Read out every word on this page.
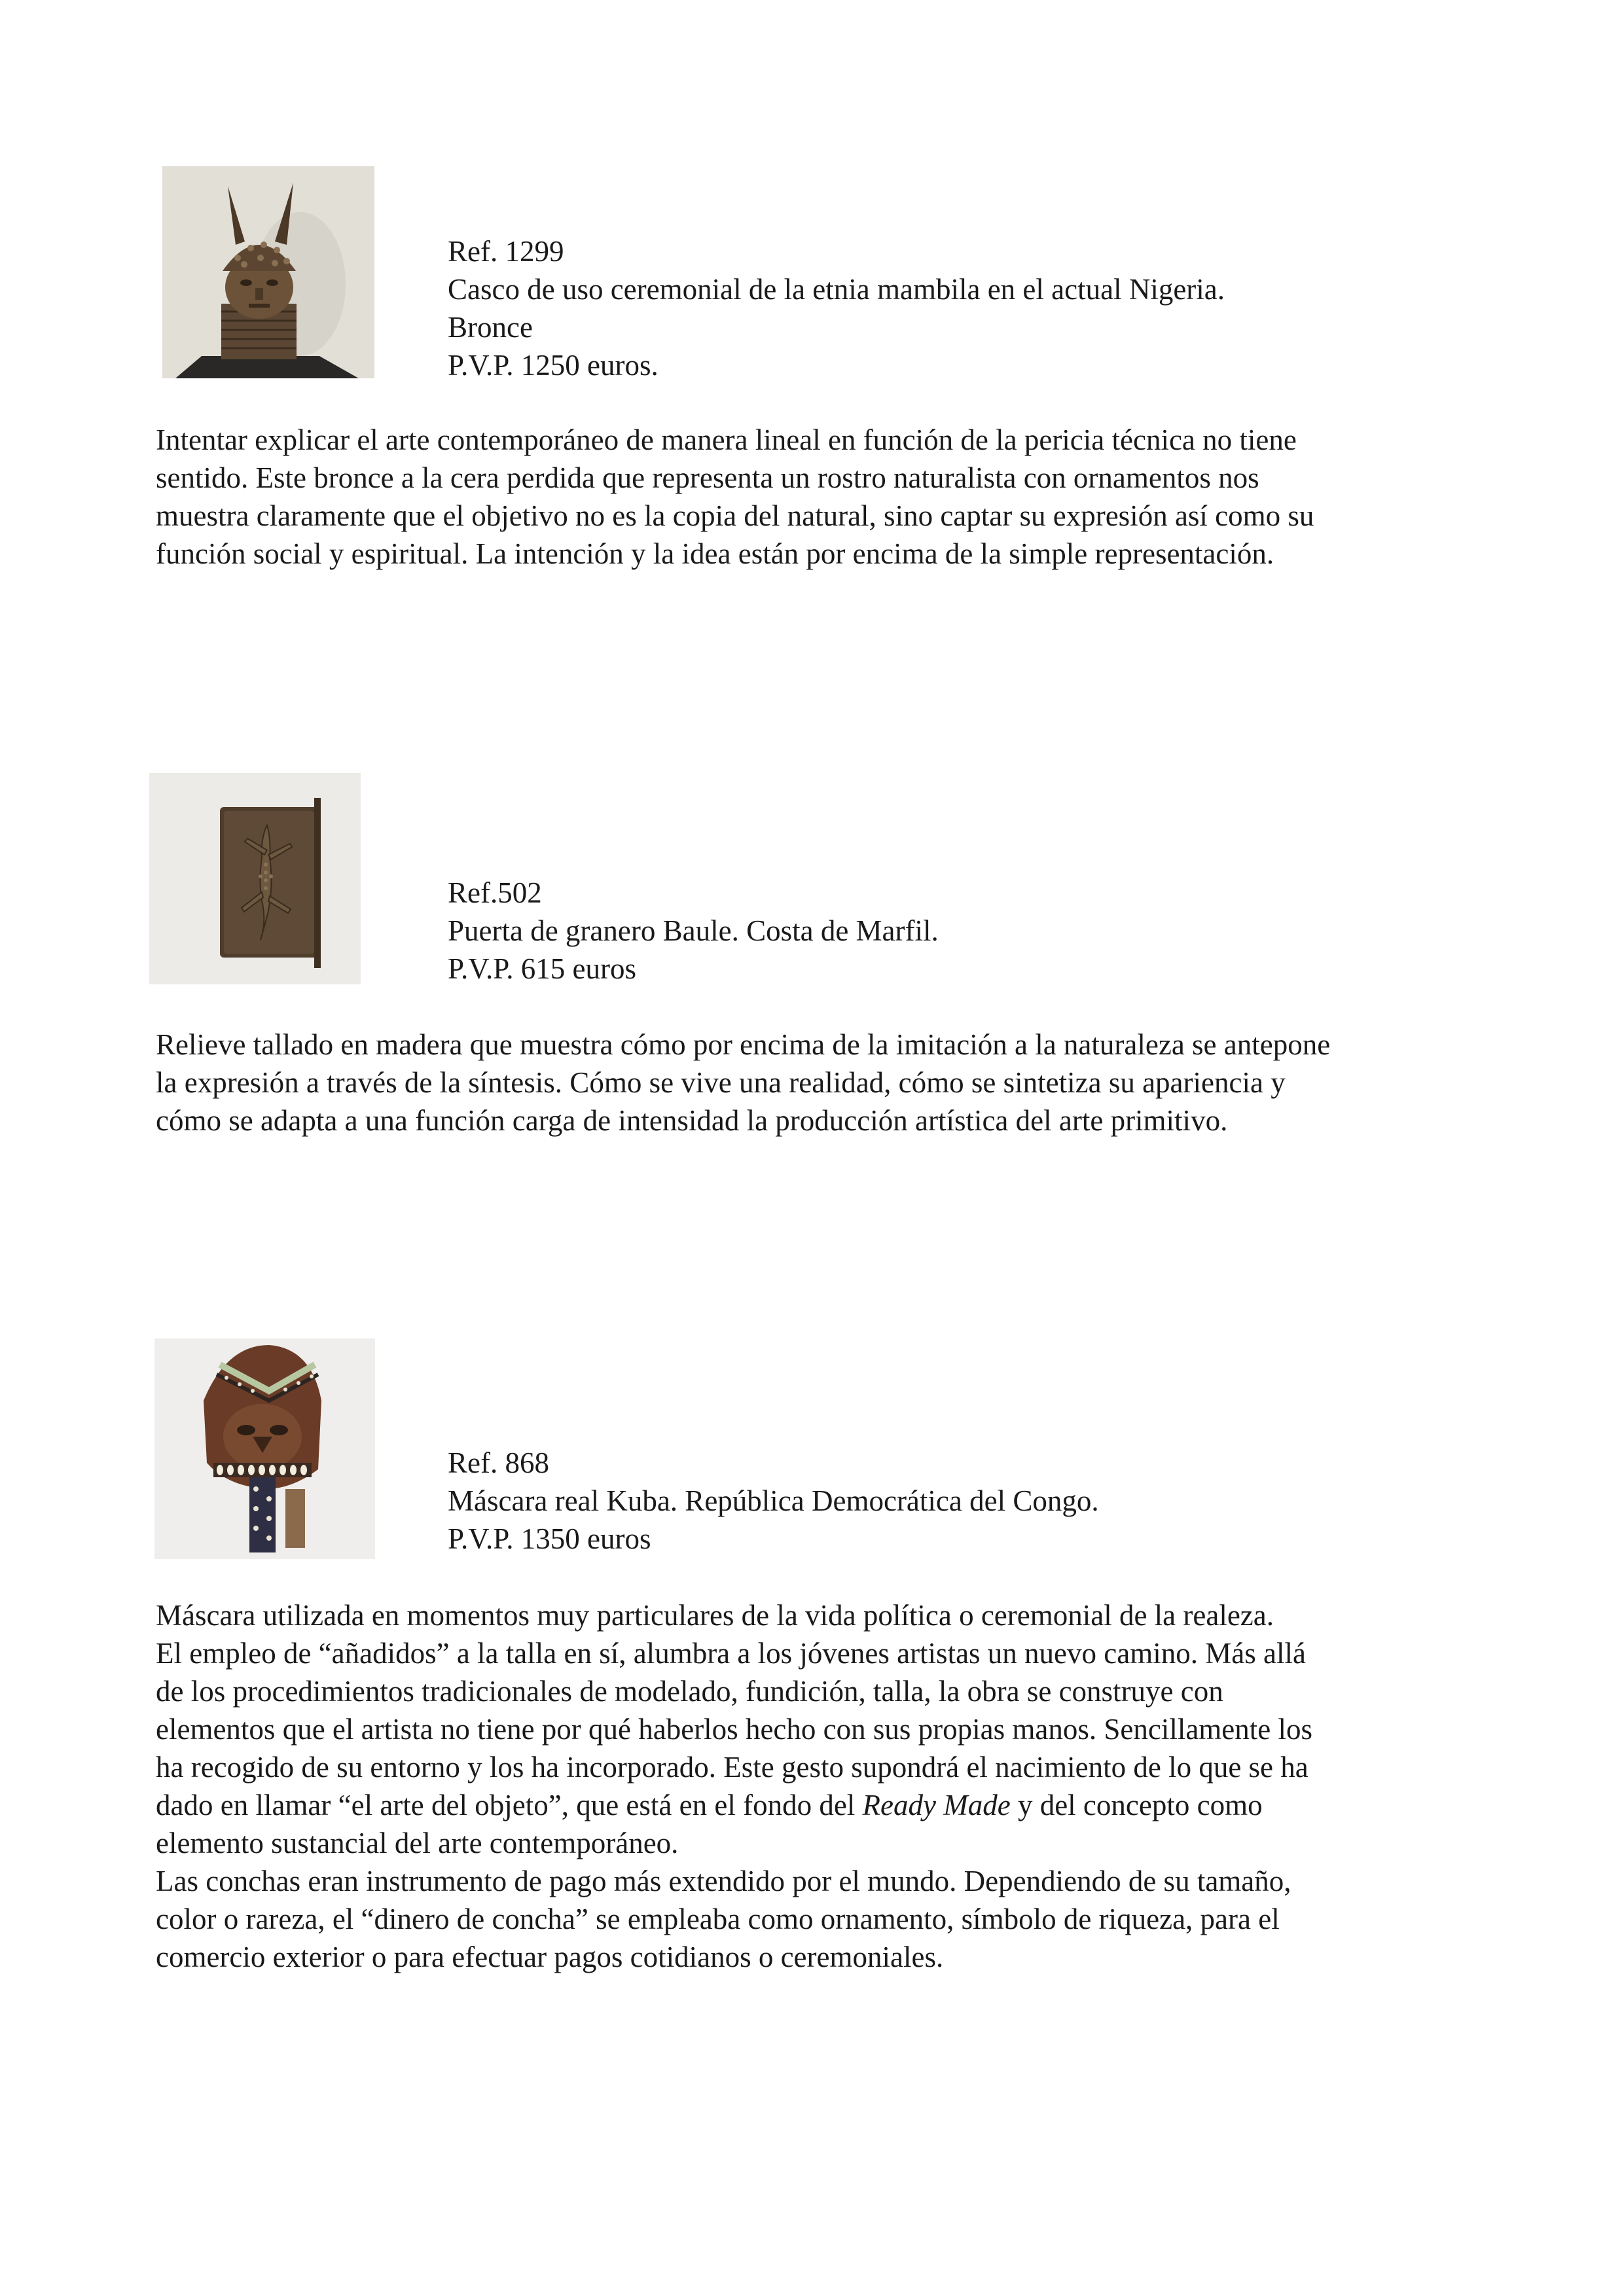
Ref. 1299
Casco de uso ceremonial de la etnia mambila en el actual Nigeria.
Bronce
P.V.P. 1250 euros.
Intentar explicar el arte contemporáneo de manera lineal en función de la pericia técnica no tiene
sentido. Este bronce a la cera perdida que representa un rostro naturalista con ornamentos nos
muestra claramente que el objetivo no es la copia del natural, sino captar su expresión así como su
función social y espiritual. La intención y la idea están por encima de la simple representación.
Ref.502
Puerta de granero Baule. Costa de Marfil.
P.V.P. 615 euros
Relieve tallado en madera que muestra cómo por encima de la imitación a la naturaleza se antepone
la expresión a través de la síntesis. Cómo se vive una realidad, cómo se sintetiza su apariencia y
cómo se adapta a una función carga de intensidad la producción artística del arte primitivo.
Ref. 868
Máscara real Kuba. República Democrática del Congo.
P.V.P. 1350 euros
Máscara utilizada en momentos muy particulares de la vida política o ceremonial de la realeza.
El empleo de “añadidos” a la talla en sí, alumbra a los jóvenes artistas un nuevo camino. Más allá
de los procedimientos tradicionales de modelado, fundición, talla, la obra se construye con
elementos que el artista no tiene por qué haberlos hecho con sus propias manos. Sencillamente los
ha recogido de su entorno y los ha incorporado. Este gesto supondrá el nacimiento de lo que se ha
dado en llamar “el arte del objeto”, que está en el fondo del Ready Made y del concepto como
elemento sustancial del arte contemporáneo.
Las conchas eran instrumento de pago más extendido por el mundo. Dependiendo de su tamaño,
color o rareza, el “dinero de concha” se empleaba como ornamento, símbolo de riqueza, para el
comercio exterior o para efectuar pagos cotidianos o ceremoniales.
